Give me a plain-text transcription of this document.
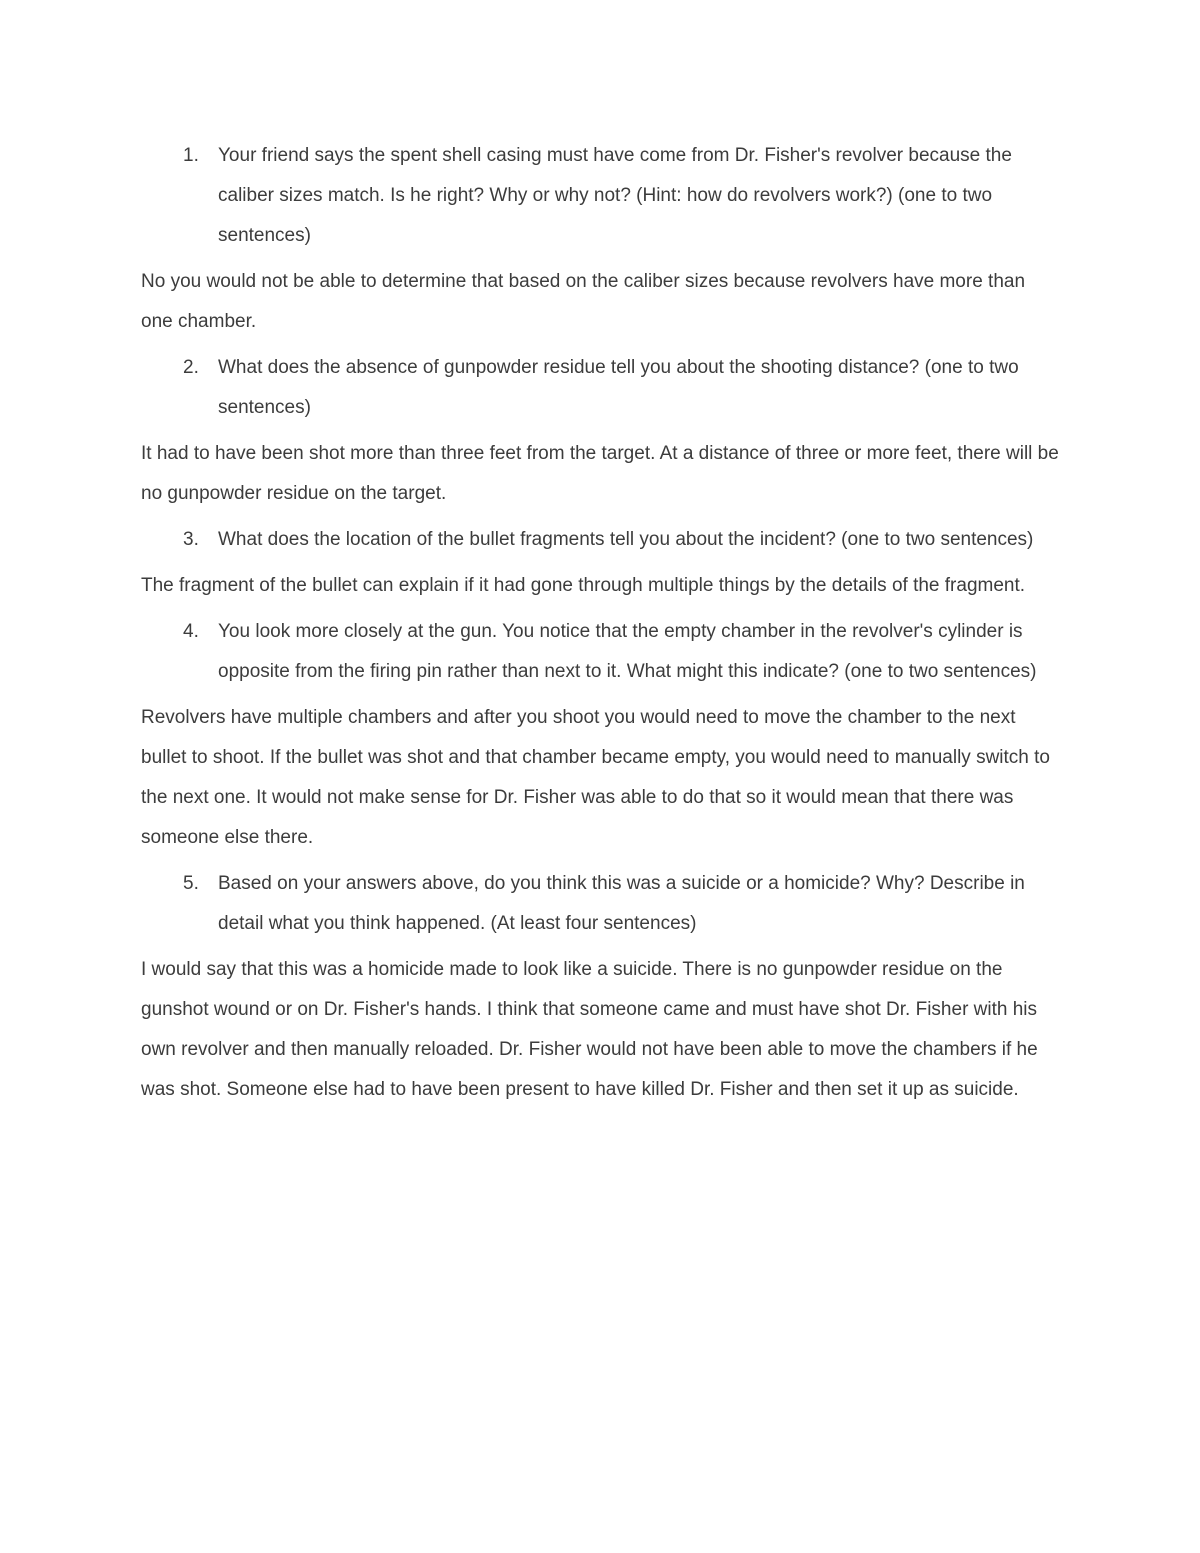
1.	Your friend says the spent shell casing must have come from Dr. Fisher's revolver because the caliber sizes match. Is he right? Why or why not? (Hint: how do revolvers work?) (one to two sentences)

No you would not be able to determine that based on the caliber sizes because revolvers have more than one chamber.

2.	What does the absence of gunpowder residue tell you about the shooting distance? (one to two sentences)

It had to have been shot more than three feet from the target. At a distance of three or more feet, there will be no gunpowder residue on the target.

3.	What does the location of the bullet fragments tell you about the incident? (one to two sentences)

The fragment of the bullet can explain if it had gone through multiple things by the details of the fragment.

4.	You look more closely at the gun. You notice that the empty chamber in the revolver's cylinder is opposite from the firing pin rather than next to it. What might this indicate? (one to two sentences)

Revolvers have multiple chambers and after you shoot you would need to move the chamber to the next bullet to shoot. If the bullet was shot and that chamber became empty, you would need to manually switch to the next one. It would not make sense for Dr. Fisher was able to do that so it would mean that there was someone else there.

5.	Based on your answers above, do you think this was a suicide or a homicide? Why? Describe in detail what you think happened. (At least four sentences)

I would say that this was a homicide made to look like a suicide. There is no gunpowder residue on the gunshot wound or on Dr. Fisher's hands. I think that someone came and must have shot Dr. Fisher with his own revolver and then manually reloaded. Dr. Fisher would not have been able to move the chambers if he was shot. Someone else had to have been present to have killed Dr. Fisher and then set it up as suicide.
